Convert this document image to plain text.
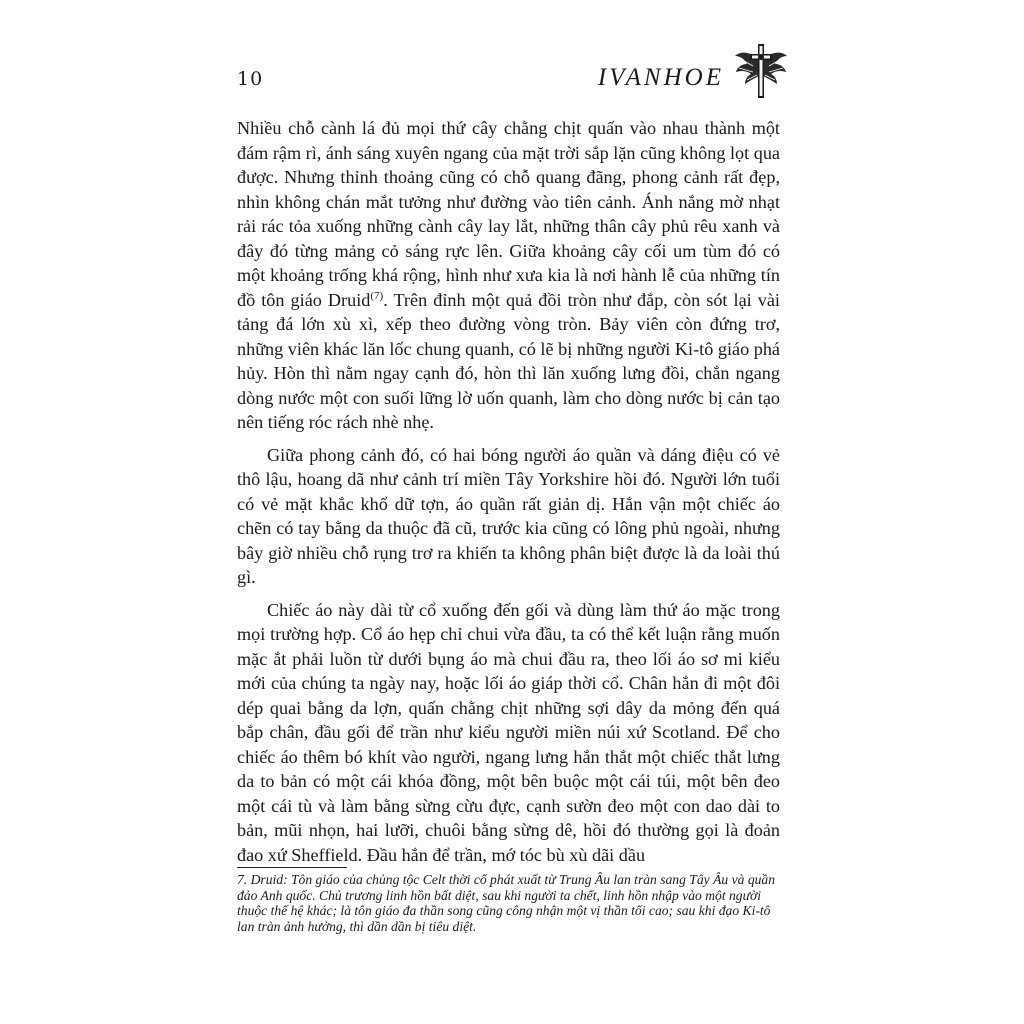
10	IVANHOE

Nhiều chỗ cành lá đủ mọi thứ cây chằng chịt quấn vào nhau thành một đám rậm rì, ánh sáng xuyên ngang của mặt trời sắp lặn cũng không lọt qua được. Nhưng thỉnh thoảng cũng có chỗ quang đãng, phong cảnh rất đẹp, nhìn không chán mắt tưởng như đường vào tiên cảnh. Ánh nắng mờ nhạt rải rác tỏa xuống những cành cây lay lắt, những thân cây phủ rêu xanh và đây đó từng mảng cỏ sáng rực lên. Giữa khoảng cây cối um tùm đó có một khoảng trống khá rộng, hình như xưa kia là nơi hành lễ của những tín đồ tôn giáo Druid$^{(7)}$. Trên đỉnh một quả đồi tròn như đắp, còn sót lại vài tảng đá lớn xù xì, xếp theo đường vòng tròn. Bảy viên còn đứng trơ, những viên khác lăn lốc chung quanh, có lẽ bị những người Ki-tô giáo phá hủy. Hòn thì nằm ngay cạnh đó, hòn thì lăn xuống lưng đồi, chắn ngang dòng nước một con suối lững lờ uốn quanh, làm cho dòng nước bị cản tạo nên tiếng róc rách nhè nhẹ.

Giữa phong cảnh đó, có hai bóng người áo quần và dáng điệu có vẻ thô lậu, hoang dã như cảnh trí miền Tây Yorkshire hồi đó. Người lớn tuổi có vẻ mặt khắc khổ dữ tợn, áo quần rất giản dị. Hắn vận một chiếc áo chẽn có tay bằng da thuộc đã cũ, trước kia cũng có lông phủ ngoài, nhưng bây giờ nhiều chỗ rụng trơ ra khiến ta không phân biệt được là da loài thú gì.

Chiếc áo này dài từ cổ xuống đến gối và dùng làm thứ áo mặc trong mọi trường hợp. Cổ áo hẹp chỉ chui vừa đầu, ta có thể kết luận rằng muốn mặc ắt phải luồn từ dưới bụng áo mà chui đầu ra, theo lối áo sơ mi kiểu mới của chúng ta ngày nay, hoặc lối áo giáp thời cổ. Chân hắn đi một đôi dép quai bằng da lợn, quấn chằng chịt những sợi dây da mỏng đến quá bắp chân, đầu gối để trần như kiểu người miền núi xứ Scotland. Để cho chiếc áo thêm bó khít vào người, ngang lưng hắn thắt một chiếc thắt lưng da to bản có một cái khóa đồng, một bên buộc một cái túi, một bên đeo một cái tù và làm bằng sừng cừu đực, cạnh sườn đeo một con dao dài to bản, mũi nhọn, hai lưỡi, chuôi bằng sừng dê, hồi đó thường gọi là đoản đao xứ Sheffield. Đầu hắn để trần, mớ tóc bù xù dãi dầu

7. Druid: Tôn giáo của chủng tộc Celt thời cổ phát xuất từ Trung Âu lan tràn sang Tây Âu và quần đảo Anh quốc. Chủ trương linh hồn bất diệt, sau khi người ta chết, linh hồn nhập vào một người thuộc thế hệ khác; là tôn giáo đa thần song cũng công nhận một vị thần tối cao; sau khi đạo Ki-tô lan tràn ảnh hưởng, thì dần dần bị tiêu diệt.
